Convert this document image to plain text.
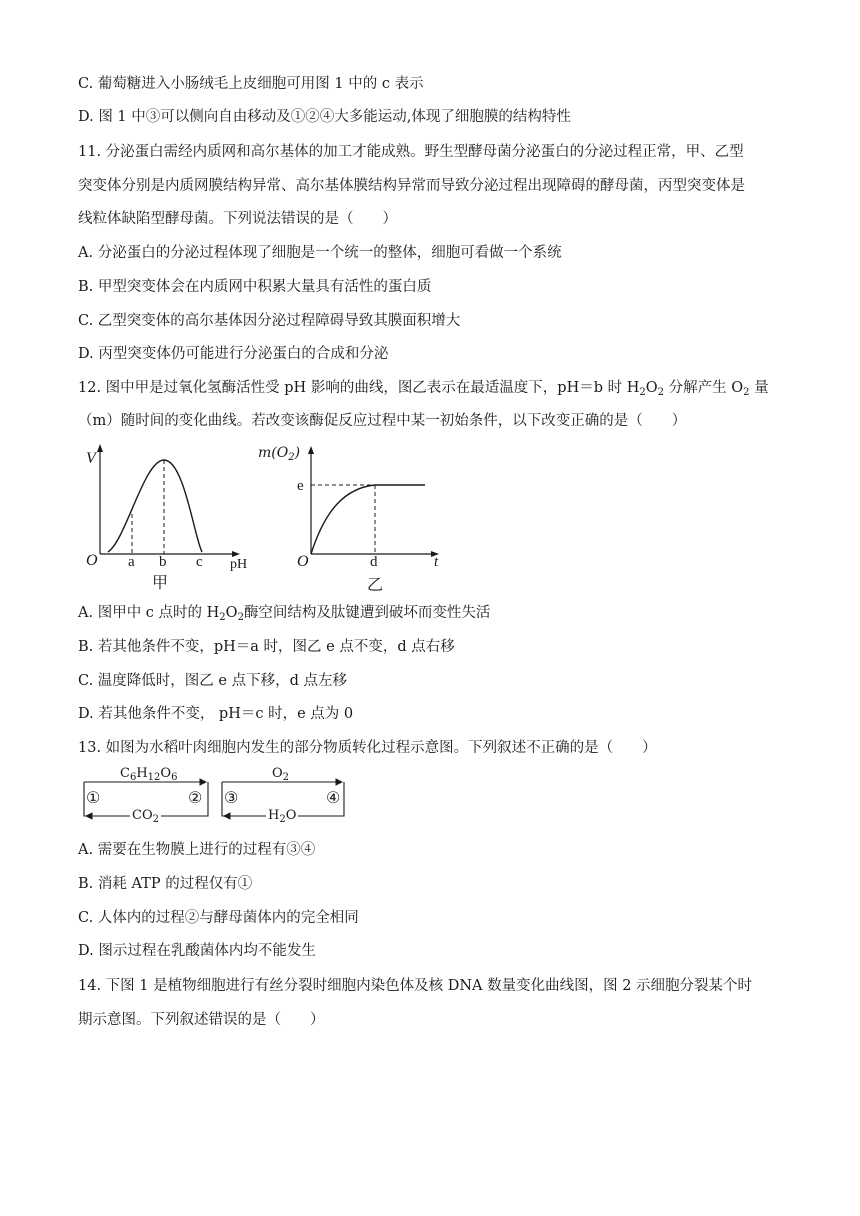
C. 葡萄糖进入小肠绒毛上皮细胞可用图 1 中的 c 表示
D. 图 1 中③可以侧向自由移动及①②④大多能运动,体现了细胞膜的结构特性
11. 分泌蛋白需经内质网和高尔基体的加工才能成熟。野生型酵母菌分泌蛋白的分泌过程正常，甲、乙型
突变体分别是内质网膜结构异常、高尔基体膜结构异常而导致分泌过程出现障碍的酵母菌，丙型突变体是
线粒体缺陷型酵母菌。下列说法错误的是（　　）
A. 分泌蛋白的分泌过程体现了细胞是一个统一的整体，细胞可看做一个系统
B. 甲型突变体会在内质网中积累大量具有活性的蛋白质
C. 乙型突变体的高尔基体因分泌过程障碍导致其膜面积增大
D. 丙型突变体仍可能进行分泌蛋白的合成和分泌
12. 图中甲是过氧化氢酶活性受 pH 影响的曲线，图乙表示在最适温度下，pH＝b 时 $H_2O_2$ 分解产生 $O_2$ 量
（m）随时间的变化曲线。若改变该酶促反应过程中某一初始条件，以下改变正确的是（　　）
V
O a b c pH
甲
O
e
d	t
乙
$m(O_2)$
A. 图甲中 c 点时的 $H_2O_2$酶空间结构及肽键遭到破坏而变性失活
B. 若其他条件不变，pH＝a 时，图乙 e 点不变，d 点右移
C. 温度降低时，图乙 e 点下移，d 点左移
D. 若其他条件不变， pH＝c 时，e 点为 0
13. 如图为水稻叶肉细胞内发生的部分物质转化过程示意图。下列叙述不正确的是（　　）
①	② ③	④
$C_6H_{12}O_6$
$CO_2$
$O_2$
$H_2O$
A. 需要在生物膜上进行的过程有③④
B. 消耗 ATP 的过程仅有①
C. 人体内的过程②与酵母菌体内的完全相同
D. 图示过程在乳酸菌体内均不能发生
14. 下图 1 是植物细胞进行有丝分裂时细胞内染色体及核 DNA 数量变化曲线图，图 2 示细胞分裂某个时
期示意图。下列叙述错误的是（　　）
